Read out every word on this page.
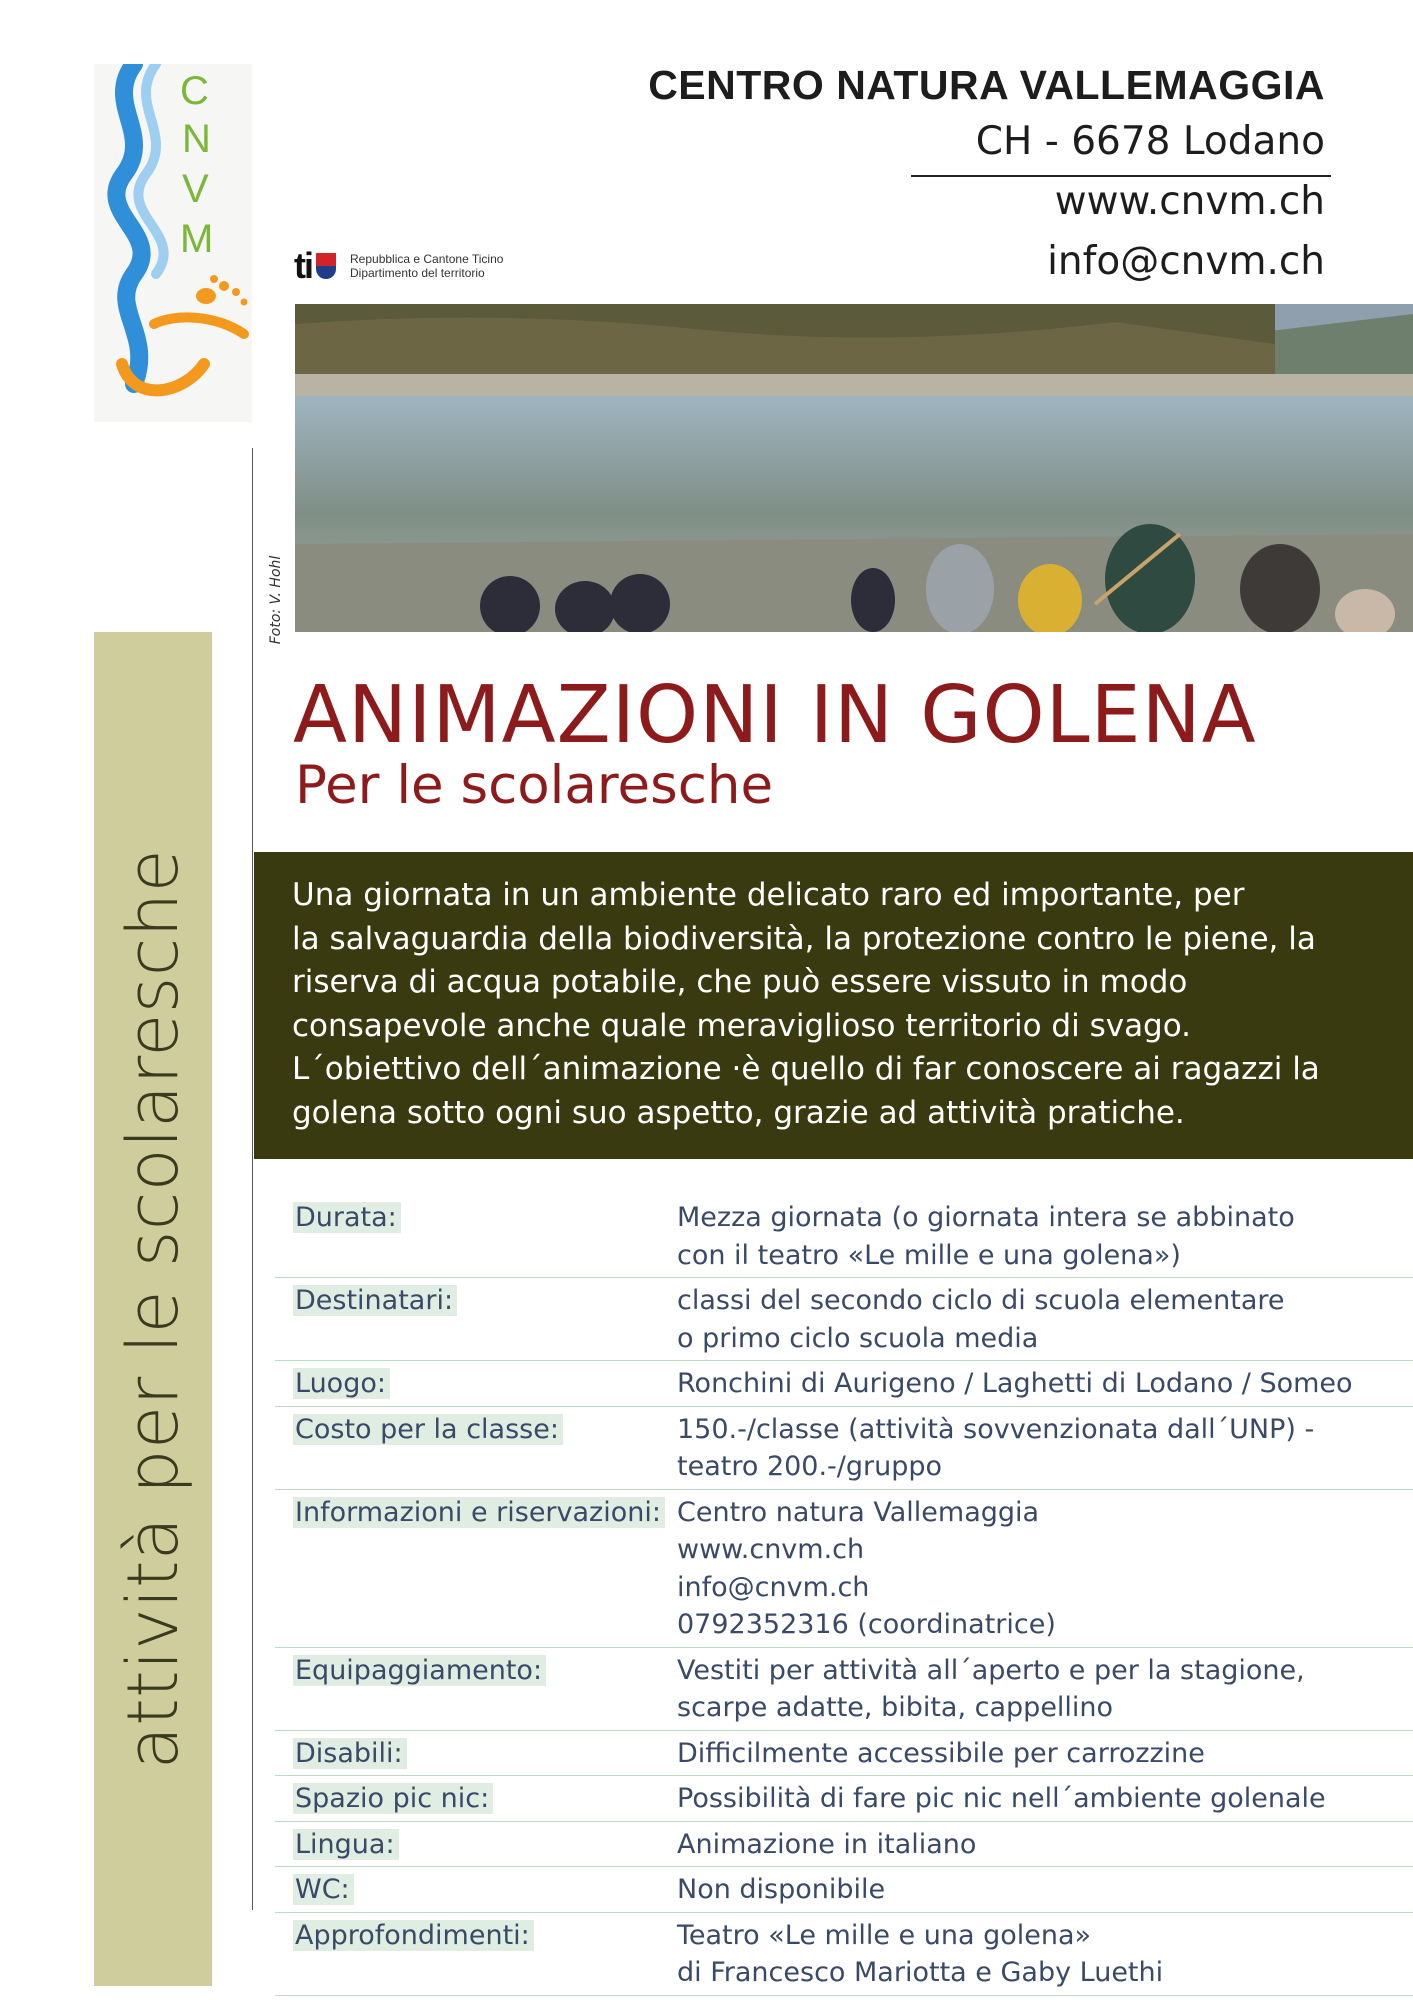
C
N
V
M
attività per le scolaresche
Foto: V. Hohl
CENTRO NATURA VALLEMAGGIA
CH - 6678 Lodano
www.cnvm.ch
info@cnvm.ch
ti	Repubblica e Cantone Ticino
Dipartimento del territorio
ANIMAZIONI IN GOLENA
Per le scolaresche
Una giornata in un ambiente delicato raro ed importante, per
la salvaguardia della biodiversità, la protezione contro le piene, la
riserva di acqua potabile, che può essere vissuto in modo
consapevole anche quale meraviglioso territorio di svago.
L´obiettivo dell´animazione ·è quello di far conoscere ai ragazzi la
golena sotto ogni suo aspetto, grazie ad attività pratiche.
Durata:	Mezza giornata (o giornata intera se abbinato
con il teatro «Le mille e una golena»)

Destinatari:	classi del secondo ciclo di scuola elementare
o primo ciclo scuola media

Luogo:	Ronchini di Aurigeno / Laghetti di Lodano / Someo

Costo per la classe:	150.-/classe (attività sovvenzionata dall´UNP) -
teatro 200.-/gruppo

Informazioni e riservazioni:	Centro natura Vallemaggia
www.cnvm.ch
info@cnvm.ch
0792352316 (coordinatrice)

Equipaggiamento:	Vestiti per attività all´aperto e per la stagione,
scarpe adatte, bibita, cappellino

Disabili:	Difficilmente accessibile per carrozzine

Spazio pic nic:	Possibilità di fare pic nic nell´ambiente golenale

Lingua:	Animazione in italiano

WC:	Non disponibile

Approfondimenti:	Teatro «Le mille e una golena»
di Francesco Mariotta e Gaby Luethi
